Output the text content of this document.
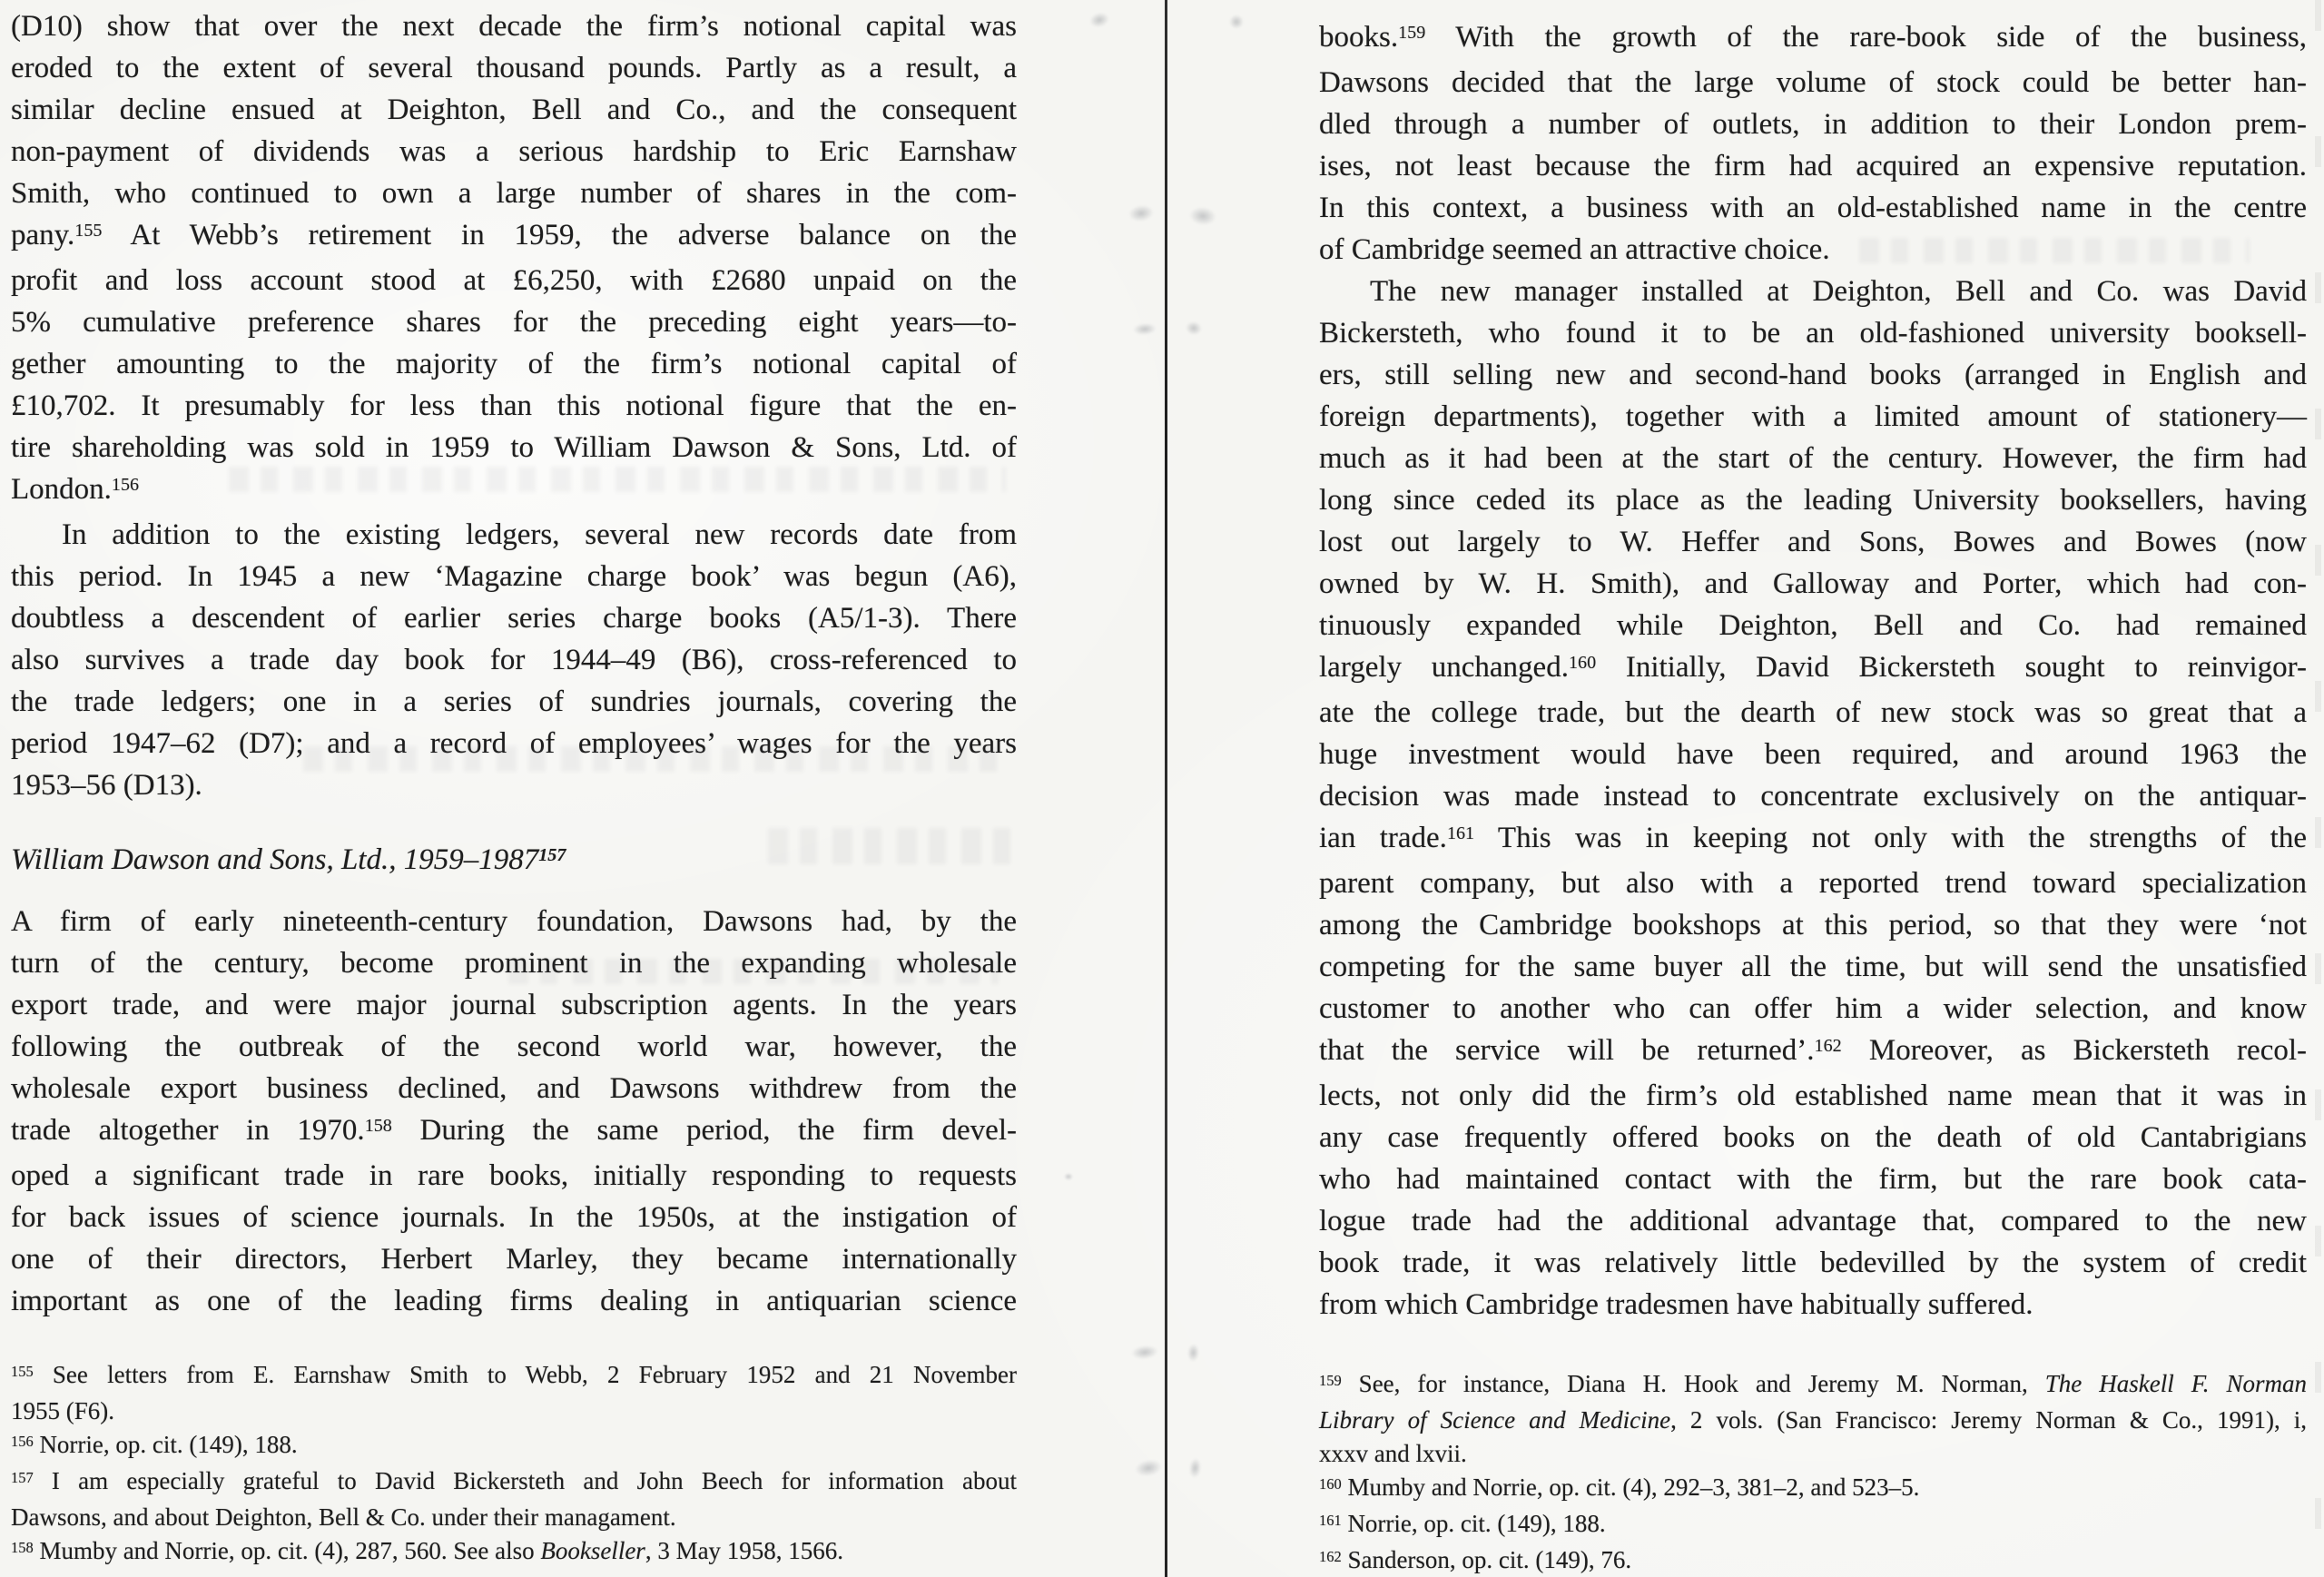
(D10) show that over the next decade the firm’s notional capital was
eroded to the extent of several thousand pounds. Partly as a result, a
similar decline ensued at Deighton, Bell and Co., and the consequent
non-payment of dividends was a serious hardship to Eric Earnshaw
Smith, who continued to own a large number of shares in the com-
pany.$^{155}$ At Webb’s retirement in 1959, the adverse balance on the
profit and loss account stood at £6,250, with £2680 unpaid on the
5% cumulative preference shares for the preceding eight years—to-
gether amounting to the majority of the firm’s notional capital of
£10,702. It presumably for less than this notional figure that the en-
tire shareholding was sold in 1959 to William Dawson & Sons, Ltd. of
London.$^{156}$
In addition to the existing ledgers, several new records date from
this period. In 1945 a new ‘Magazine charge book’ was begun (A6),
doubtless a descendent of earlier series charge books (A5/1-3). There
also survives a trade day book for 1944–49 (B6), cross-referenced to
the trade ledgers; one in a series of sundries journals, covering the
period 1947–62 (D7); and a record of employees’ wages for the years
1953–56 (D13).
William Dawson and Sons, Ltd., 1959–1987$^{157}$
A firm of early nineteenth-century foundation, Dawsons had, by the
turn of the century, become prominent in the expanding wholesale
export trade, and were major journal subscription agents. In the years
following the outbreak of the second world war, however, the
wholesale export business declined, and Dawsons withdrew from the
trade altogether in 1970.$^{158}$ During the same period, the firm devel-
oped a significant trade in rare books, initially responding to requests
for back issues of science journals. In the 1950s, at the instigation of
one of their directors, Herbert Marley, they became internationally
important as one of the leading firms dealing in antiquarian science
$^{155}$ See letters from E. Earnshaw Smith to Webb, 2 February 1952 and 21 November
1955 (F6).
$^{156}$ Norrie, op. cit. (149), 188.
$^{157}$ I am especially grateful to David Bickersteth and John Beech for information about
Dawsons, and about Deighton, Bell & Co. under their managament.
$^{158}$ Mumby and Norrie, op. cit. (4), 287, 560. See also Bookseller, 3 May 1958, 1566.
books.$^{159}$ With the growth of the rare-book side of the business,
Dawsons decided that the large volume of stock could be better han-
dled through a number of outlets, in addition to their London prem-
ises, not least because the firm had acquired an expensive reputation.
In this context, a business with an old-established name in the centre
of Cambridge seemed an attractive choice.
The new manager installed at Deighton, Bell and Co. was David
Bickersteth, who found it to be an old-fashioned university booksell-
ers, still selling new and second-hand books (arranged in English and
foreign departments), together with a limited amount of stationery—
much as it had been at the start of the century. However, the firm had
long since ceded its place as the leading University booksellers, having
lost out largely to W. Heffer and Sons, Bowes and Bowes (now
owned by W. H. Smith), and Galloway and Porter, which had con-
tinuously expanded while Deighton, Bell and Co. had remained
largely unchanged.$^{160}$ Initially, David Bickersteth sought to reinvigor-
ate the college trade, but the dearth of new stock was so great that a
huge investment would have been required, and around 1963 the
decision was made instead to concentrate exclusively on the antiquar-
ian trade.$^{161}$ This was in keeping not only with the strengths of the
parent company, but also with a reported trend toward specialization
among the Cambridge bookshops at this period, so that they were ‘not
competing for the same buyer all the time, but will send the unsatisfied
customer to another who can offer him a wider selection, and know
that the service will be returned’.$^{162}$ Moreover, as Bickersteth recol-
lects, not only did the firm’s old established name mean that it was in
any case frequently offered books on the death of old Cantabrigians
who had maintained contact with the firm, but the rare book cata-
logue trade had the additional advantage that, compared to the new
book trade, it was relatively little bedevilled by the system of credit
from which Cambridge tradesmen have habitually suffered.
$^{159}$ See, for instance, Diana H. Hook and Jeremy M. Norman, The Haskell F. Norman
Library of Science and Medicine, 2 vols. (San Francisco: Jeremy Norman & Co., 1991), i,
xxxv and lxvii.
$^{160}$ Mumby and Norrie, op. cit. (4), 292–3, 381–2, and 523–5.
$^{161}$ Norrie, op. cit. (149), 188.
$^{162}$ Sanderson, op. cit. (149), 76.
